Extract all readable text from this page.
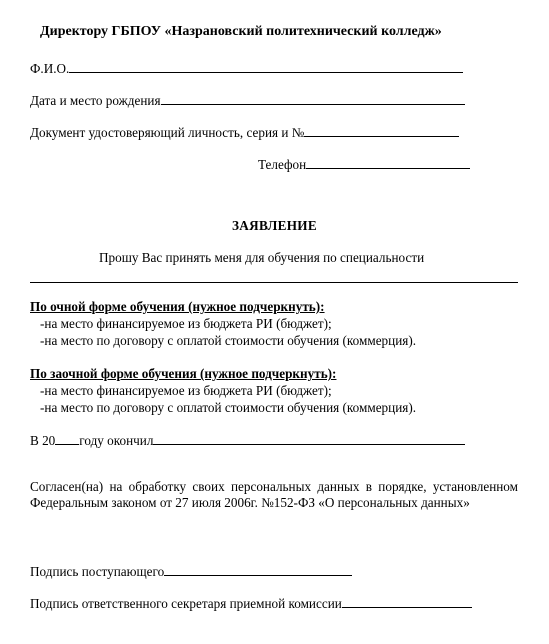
Директору ГБПОУ «Назрановский политехнический колледж»
Ф.И.О.
Дата и место рождения
Документ удостоверяющий личность, серия и №
Телефон
ЗАЯВЛЕНИЕ
Прошу Вас принять меня для обучения по специальности
По очной форме обучения (нужное подчеркнуть):
-на место финансируемое из бюджета РИ (бюджет);
-на место по договору с оплатой стоимости обучения (коммерция).
По заочной форме обучения (нужное подчеркнуть):
-на место финансируемое из бюджета РИ (бюджет);
-на место по договору с оплатой стоимости обучения (коммерция).
В 20 году окончил
Согласен(на) на обработку своих персональных данных в порядке, установленном Федеральным законом от 27 июля 2006г. №152-ФЗ «О персональных данных»
Подпись поступающего
Подпись ответственного секретаря приемной комиссии
